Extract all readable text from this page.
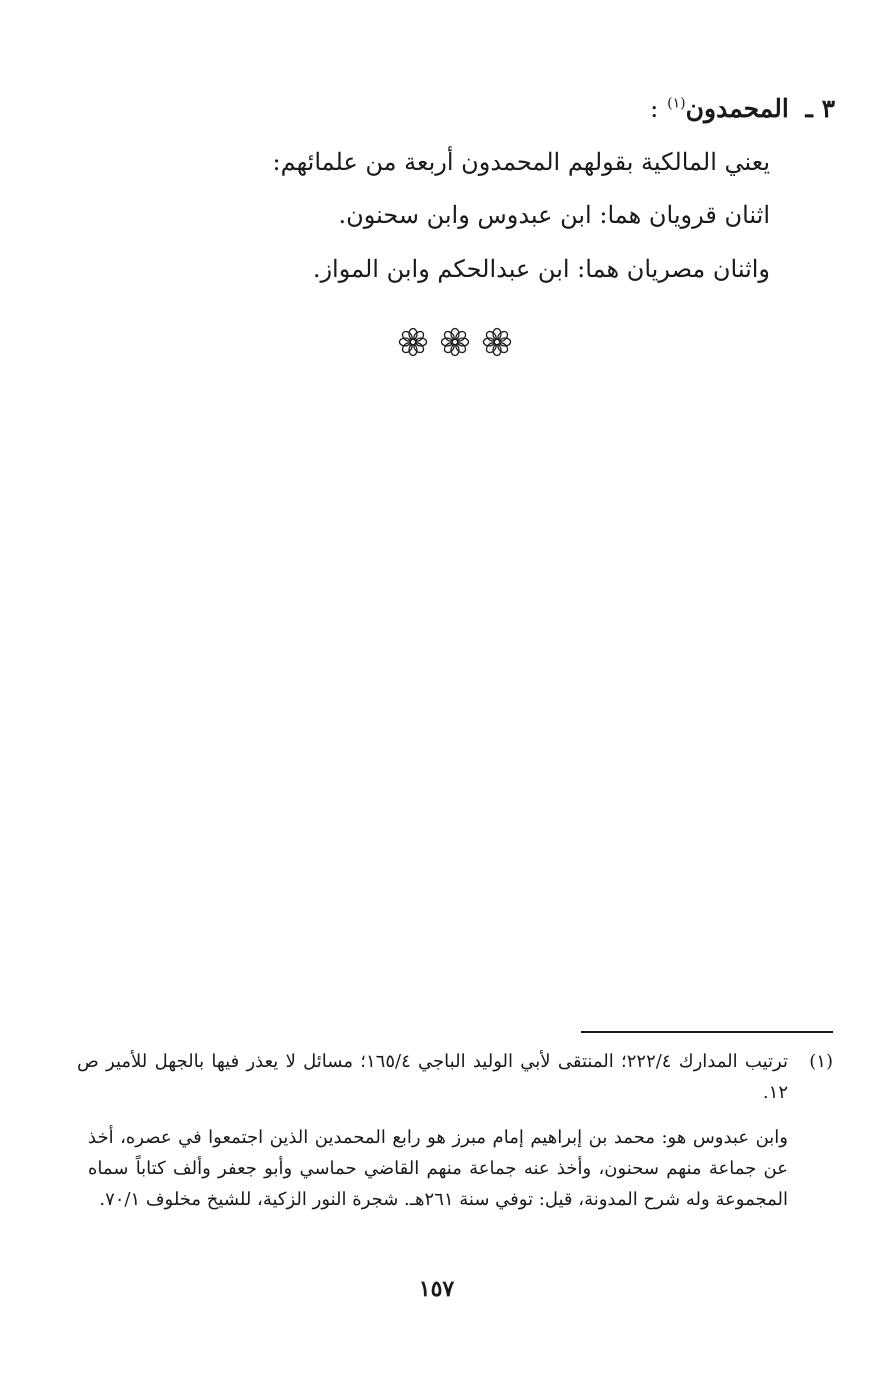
٣ ـ المحمدون$^{(١)}$ :
يعني المالكية بقولهم المحمدون أربعة من علمائهم:
اثنان قرويان هما: ابن عبدوس وابن سحنون.
واثنان مصريان هما: ابن عبدالحكم وابن المواز.
(١)
ترتيب المدارك ٢٢٢/٤؛ المنتقى لأبي الوليد الباجي ١٦٥/٤؛ مسائل لا يعذر فيها بالجهل للأمير ص ١٢.
وابن عبدوس هو: محمد بن إبراهيم إمام مبرز هو رابع المحمدين الذين اجتمعوا في عصره، أخذ عن جماعة منهم سحنون، وأخذ عنه جماعة منهم القاضي حماسي وأبو جعفر وألف كتاباً سماه المجموعة وله شرح المدونة، قيل: توفي سنة ٢٦١هـ. شجرة النور الزكية، للشيخ مخلوف ٧٠/١.
١٥٧
